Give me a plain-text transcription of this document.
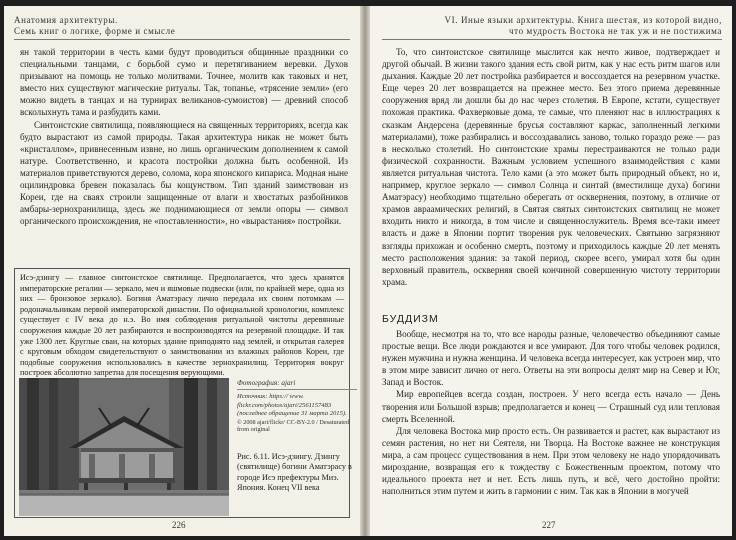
Анатомия архитектуры.
Семь книг о логике, форме и смысле

ян такой территории в честь ками будут проводиться общинные праздники со специальными танцами, с борьбой сумо и перетягиванием веревки. Духов призывают на помощь не только молитвами. Точнее, молитв как таковых и нет, вместо них существуют магические ритуалы. Так, топанье, «трясение земли» (его можно видеть в танцах и на турнирах великанов-сумоистов) — древний способ всколыхнуть тама и разбудить ками.

Синтоистские святилища, появляющиеся на священных территориях, всегда как будто вырастают из самой природы. Такая архитектура никак не может быть «кристаллом», привнесенным извне, но лишь органическим дополнением к самой натуре. Соответственно, и красота постройки должна быть особенной. Из материалов приветствуются дерево, солома, кора японского кипариса. Модная ныне оцилиндровка бревен показалась бы кощунством. Тип зданий заимствован из Кореи, где на сваях строили защищенные от влаги и хвостатых разбойников амбары-зернохранилища, здесь же поднимающиеся от земли опоры — символ органического происхождения, не «поставленности», но «вырастания» постройки.

Исэ-дзингу — главное синтоистское святилище. Предполагается, что здесь хранятся императорские регалии — зеркало, меч и яшмовые подвески (или, по крайней мере, одна из них — бронзовое зеркало). Богиня Аматэрасу лично передала их своим потомкам — родоначальникам первой императорской династии. По официальной хронологии, комплекс существует с IV века до н.э. Во имя соблюдения ритуальной чистоты деревянные сооружения каждые 20 лет разбираются и воспроизводятся на резервной площадке. И так уже 1300 лет. Круглые сваи, на которых здание приподнято над землей, и открытая галерея с круговым обходом свидетельствуют о заимствовании из влажных районов Кореи, где подобные сооружения использовались в качестве зернохранилищ. Территория вокруг построек абсолютно запретна для посещения верующими.
Фотография: ajari
Источник: https:// www. flickr.com/photos/ajari/2561157483 (последнее обращение 31 марта 2015).
© 2008 ajari/flickr/ CC-BY-2.0 / Desaturated from original
Рис. 6.11. Исэ-дзингу. Дзингу (святилище) богини Аматэрасу в городе Исэ префектуры Миэ. Япония. Конец VII века
226
VI. Иные языки архитектуры. Книга шестая, из которой видно, что мудрость Востока не так уж и не постижима

То, что синтоистское святилище мыслится как нечто живое, подтверждает и другой обычай. В жизни такого здания есть свой ритм, как у нас есть ритм шагов или дыхания. Каждые 20 лет постройка разбирается и воссоздается на резервном участке. Еще через 20 лет возвращается на прежнее место. Без этого приема деревянные сооружения вряд ли дошли бы до нас через столетия. В Европе, кстати, существует похожая практика. Фахверковые дома, те самые, что пленяют нас в иллюстрациях к сказкам Андерсена (деревянные брусья составляют каркас, заполненный легкими материалами), тоже разбирались и воссоздавались заново, только гораздо реже — раз в несколько столетий. Но синтоистские храмы перестраиваются не только ради физической сохранности. Важным условием успешного взаимодействия с ками является ритуальная чистота. Тело ками (а это может быть природный объект, но и, например, круглое зеркало — символ Солнца и синтай (вместилище духа) богини Аматэрасу) необходимо тщательно оберегать от осквернения, поэтому, в отличие от храмов авраамических религий, в Святая святых синтоистских святилищ не может входить никто и никогда, в том числе и священнослужитель. Время все-таки имеет власть и даже в Японии портит творения рук человеческих. Святыню загрязняют взгляды прихожан и особенно смерть, поэтому и приходилось каждые 20 лет менять место расположения здания: за такой период, скорее всего, умирал хотя бы один верховный правитель, оскверняя своей кончиной совершенную чистоту территории храма.

БУДДИЗМ

Вообще, несмотря на то, что все народы разные, человечество объединяют самые простые вещи. Все люди рождаются и все умирают. Для того чтобы человек родился, нужен мужчина и нужна женщина. И человека всегда интересует, как устроен мир, что в этом мире зависит лично от него. Ответы на эти вопросы делят мир на Север и Юг, Запад и Восток.

Мир европейцев всегда создан, построен. У него всегда есть начало — День творения или Большой взрыв; предполагается и конец — Страшный суд или тепловая смерть Вселенной.

Для человека Востока мир просто есть. Он развивается и растет, как вырастают из семян растения, но нет ни Сеятеля, ни Творца. На Востоке важнее не конструкция мира, а сам процесс существования в нем. При этом человеку не надо упорядочивать мироздание, возвращая его к тождеству с Божественным проектом, потому что идеального проекта нет и нет. Есть лишь путь, и всё, чего достойно пройти: наполниться этим путем и жить в гармонии с ним. Так как в Японии в могучей

227
